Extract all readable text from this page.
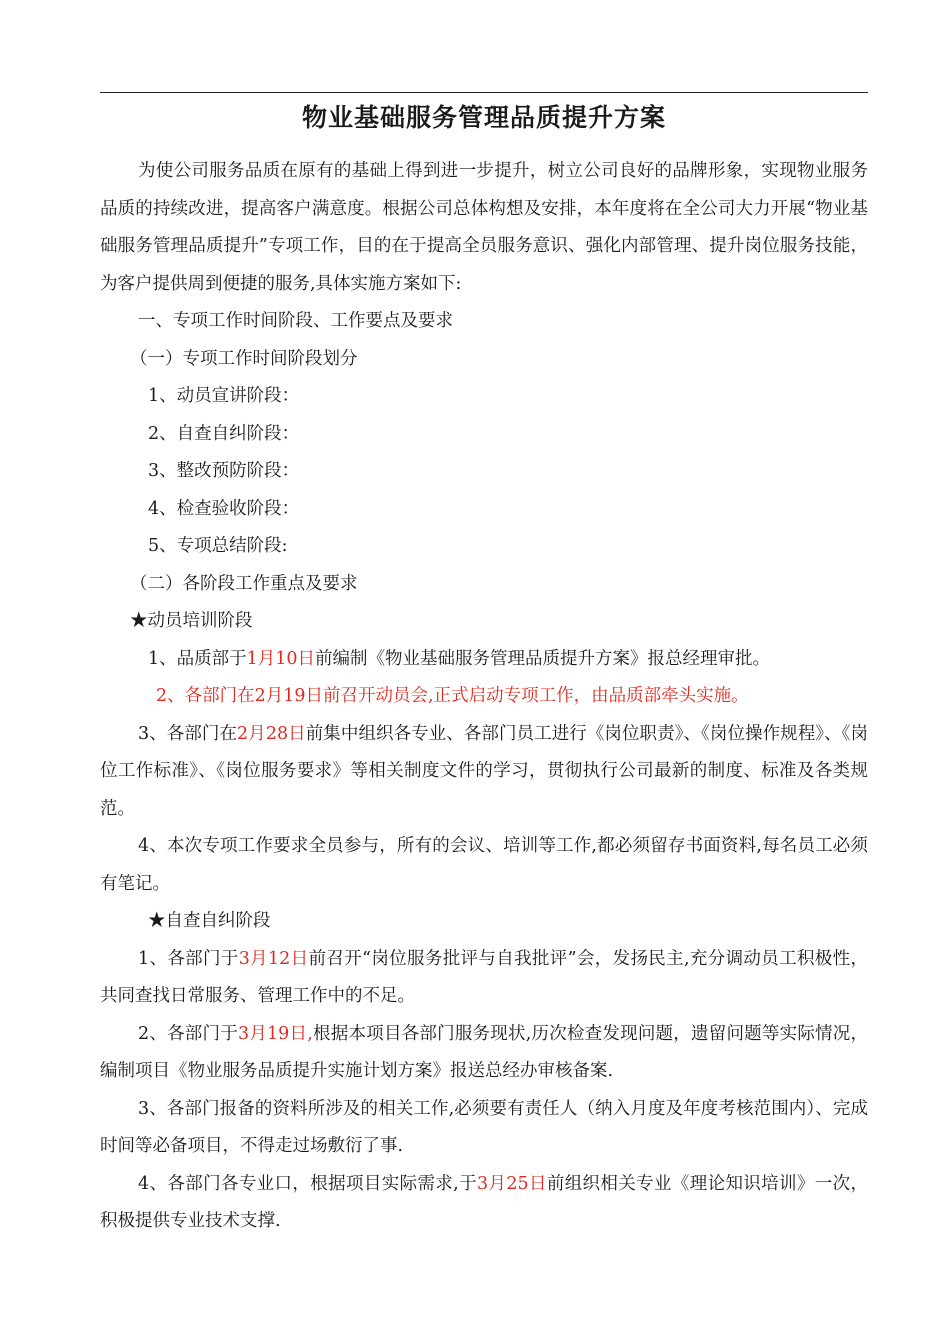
物业基础服务管理品质提升方案

为使公司服务品质在原有的基础上得到进一步提升，树立公司良好的品牌形象，实现物业服务品质的持续改进，提高客户满意度。根据公司总体构想及安排，本年度将在全公司大力开展“物业基础服务管理品质提升”专项工作，目的在于提高全员服务意识、强化内部管理、提升岗位服务技能，为客户提供周到便捷的服务,具体实施方案如下:

一、专项工作时间阶段、工作要点及要求

（一）专项工作时间阶段划分

1、动员宣讲阶段：

2、自查自纠阶段：

3、整改预防阶段：

4、检查验收阶段：

5、专项总结阶段:

（二）各阶段工作重点及要求

★动员培训阶段

1、品质部于1月10日前编制《物业基础服务管理品质提升方案》报总经理审批。

2、各部门在2月19日前召开动员会,正式启动专项工作，由品质部牵头实施。

3、各部门在2月28日前集中组织各专业、各部门员工进行《岗位职责》、《岗位操作规程》、《岗位工作标准》、《岗位服务要求》等相关制度文件的学习，贯彻执行公司最新的制度、标准及各类规范。

4、本次专项工作要求全员参与，所有的会议、培训等工作,都必须留存书面资料,每名员工必须有笔记。

★自查自纠阶段

1、各部门于3月12日前召开“岗位服务批评与自我批评”会，发扬民主,充分调动员工积极性，共同查找日常服务、管理工作中的不足。

2、各部门于3月19日,根据本项目各部门服务现状,历次检查发现问题，遗留问题等实际情况，编制项目《物业服务品质提升实施计划方案》报送总经办审核备案.

3、各部门报备的资料所涉及的相关工作,必须要有责任人（纳入月度及年度考核范围内）、完成时间等必备项目，不得走过场敷衍了事.

4、各部门各专业口，根据项目实际需求,于3月25日前组织相关专业《理论知识培训》一次，积极提供专业技术支撑.
